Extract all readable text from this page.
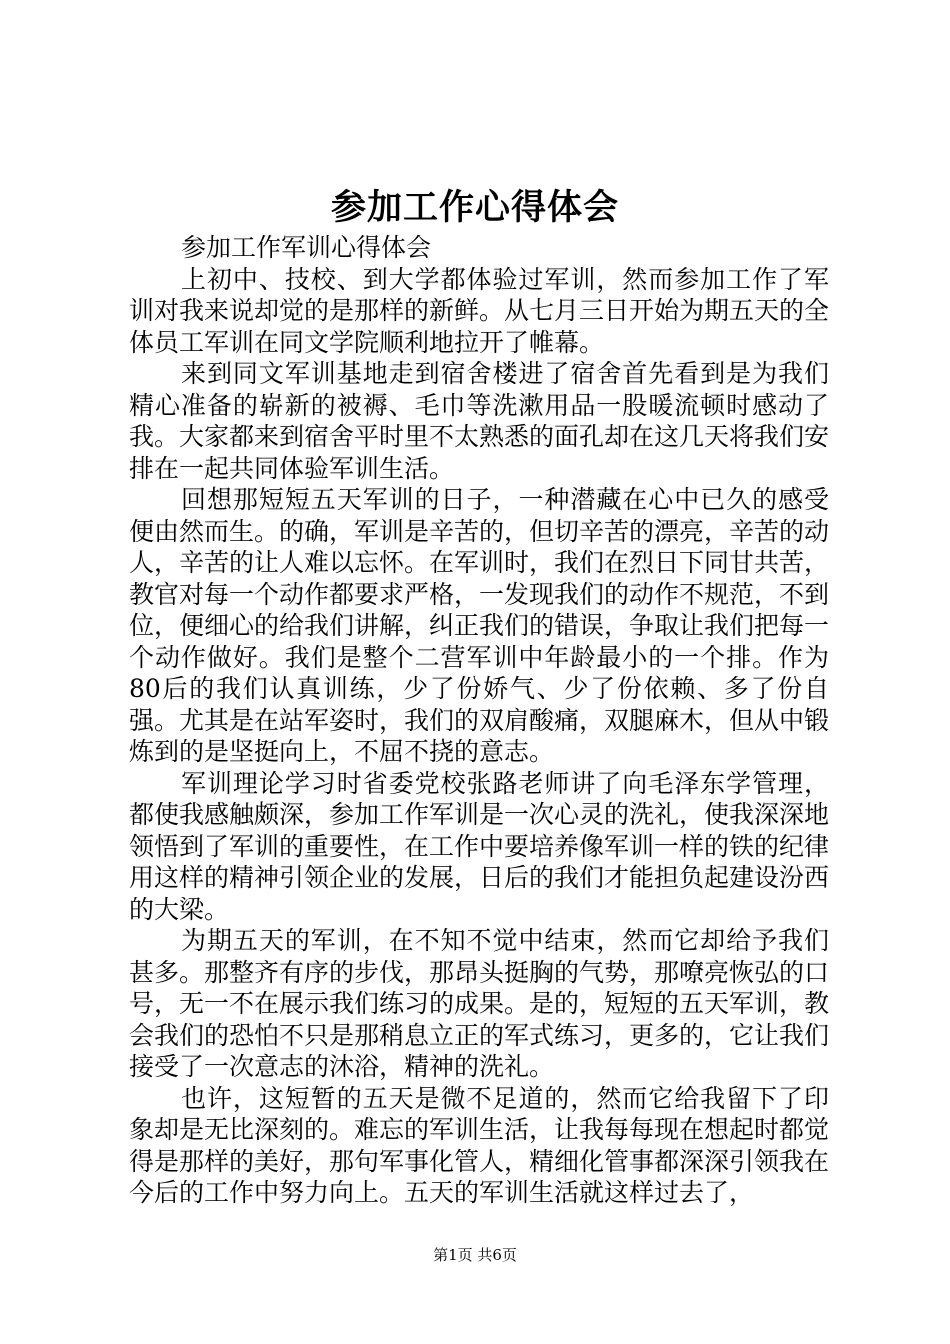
参加工作心得体会

参加工作军训心得体会

上初中、技校、到大学都体验过军训，然而参加工作了军训对我来说却觉的是那样的新鲜。从七月三日开始为期五天的全体员工军训在同文学院顺利地拉开了帷幕。

来到同文军训基地走到宿舍楼进了宿舍首先看到是为我们精心准备的崭新的被褥、毛巾等洗漱用品一股暖流顿时感动了我。大家都来到宿舍平时里不太熟悉的面孔却在这几天将我们安排在一起共同体验军训生活。

回想那短短五天军训的日子，一种潜藏在心中已久的感受便由然而生。的确，军训是辛苦的，但切辛苦的漂亮，辛苦的动人，辛苦的让人难以忘怀。在军训时，我们在烈日下同甘共苦，教官对每一个动作都要求严格，一发现我们的动作不规范，不到位，便细心的给我们讲解，纠正我们的错误，争取让我们把每一个动作做好。我们是整个二营军训中年龄最小的一个排。作为80后的我们认真训练，少了份娇气、少了份依赖、多了份自强。尤其是在站军姿时，我们的双肩酸痛，双腿麻木，但从中锻炼到的是坚挺向上，不屈不挠的意志。

军训理论学习时省委党校张路老师讲了向毛泽东学管理，都使我感触颇深，参加工作军训是一次心灵的洗礼，使我深深地领悟到了军训的重要性，在工作中要培养像军训一样的铁的纪律用这样的精神引领企业的发展，日后的我们才能担负起建设汾西的大梁。

为期五天的军训，在不知不觉中结束，然而它却给予我们甚多。那整齐有序的步伐，那昂头挺胸的气势，那嘹亮恢弘的口号，无一不在展示我们练习的成果。是的，短短的五天军训，教会我们的恐怕不只是那稍息立正的军式练习，更多的，它让我们接受了一次意志的沐浴，精神的洗礼。

也许，这短暂的五天是微不足道的，然而它给我留下了印象却是无比深刻的。难忘的军训生活，让我每每现在想起时都觉得是那样的美好，那句军事化管人，精细化管事都深深引领我在今后的工作中努力向上。五天的军训生活就这样过去了，

第1页 共6页
